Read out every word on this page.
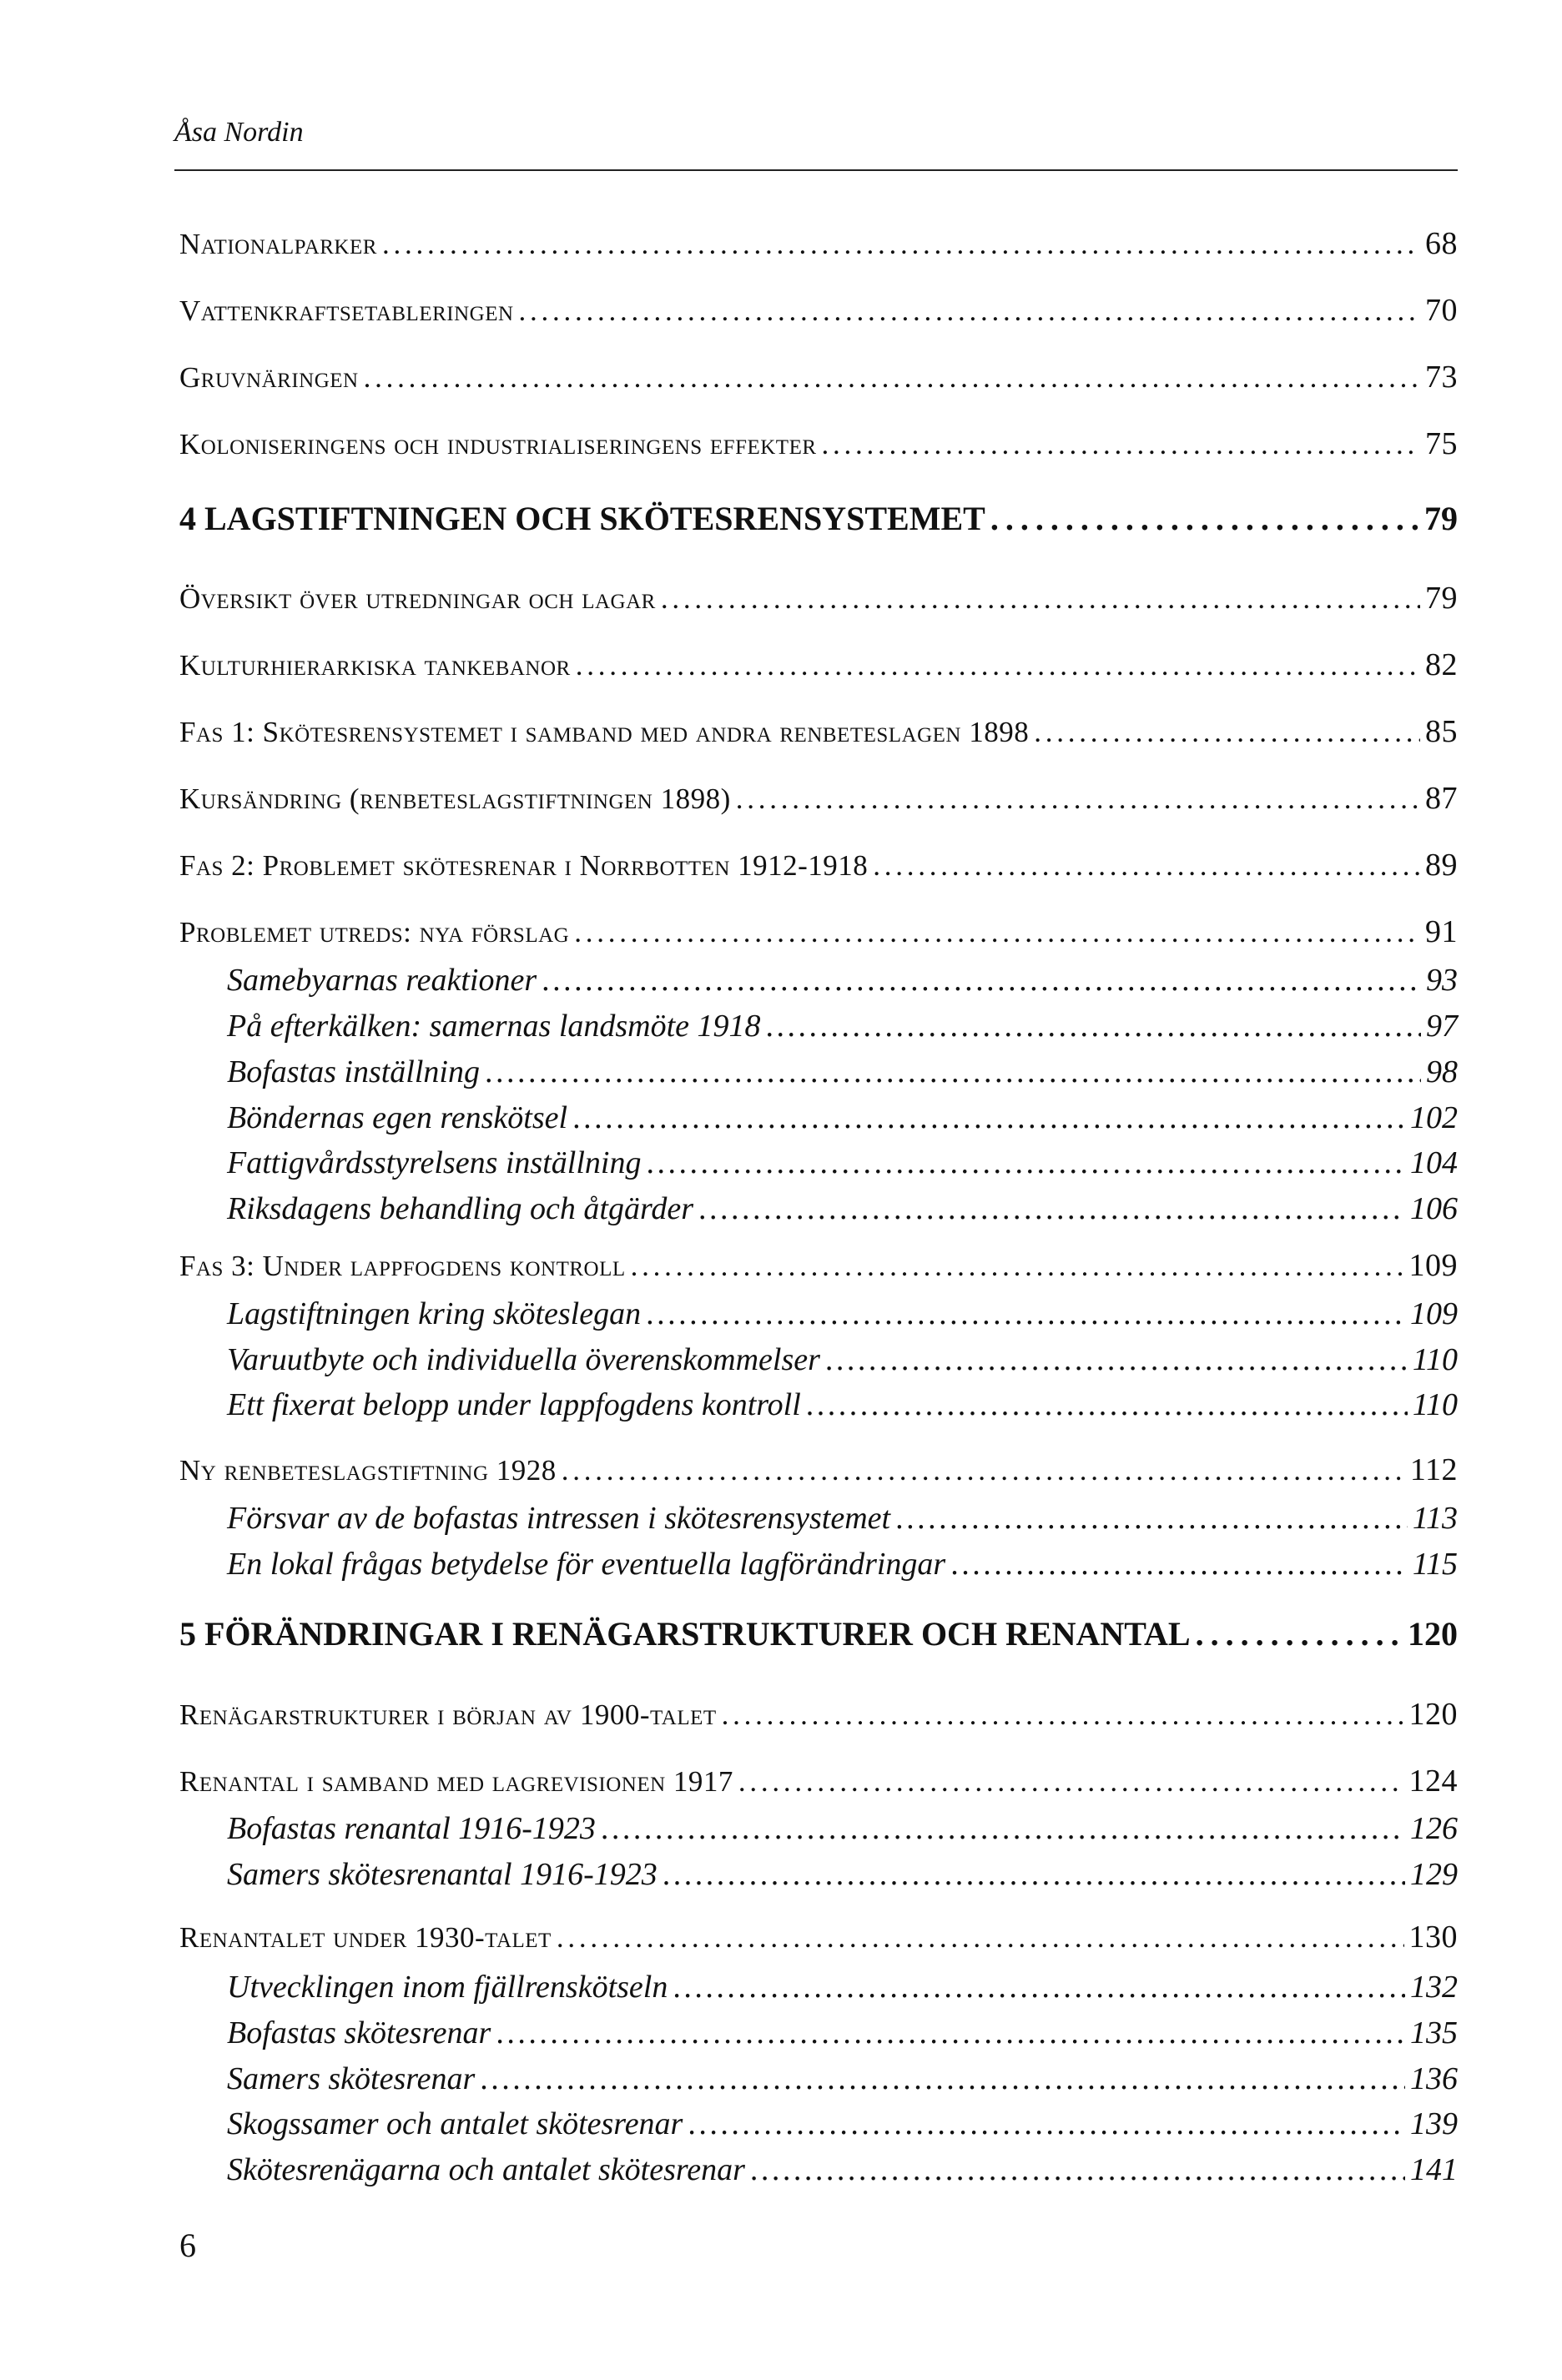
Åsa Nordin
Nationalparker . . .	68
Vattenkraftsetableringen . . .	70
Gruvnäringen . . .	73
Koloniseringens och industrialiseringens effekter . . .	75
4 LAGSTIFTNINGEN OCH SKÖTESRENSYSTEMET . . .	79
Översikt över utredningar och lagar . . .	79
Kulturhierarkiska tankebanor . . .	82
Fas 1: Skötesrensystemet i samband med andra renbeteslagen 1898 . . .	85
Kursändring (renbeteslagstiftningen 1898) . . .	87
Fas 2: Problemet skötesrenar i Norrbotten 1912-1918 . . .	89
Problemet utreds: nya förslag . . .	91
Samebyarnas reaktioner . . .	93
På efterkälken: samernas landsmöte 1918 . . .	97
Bofastas inställning . . .	98
Böndernas egen renskötsel . . .	102
Fattigvårdsstyrelsens inställning . . .	104
Riksdagens behandling och åtgärder . . .	106
Fas 3: Under lappfogdens kontroll . . .	109
Lagstiftningen kring sköteslegan . . .	109
Varuutbyte och individuella överenskommelser . . .	110
Ett fixerat belopp under lappfogdens kontroll . . .	110
Ny renbeteslagstiftning 1928 . . .	112
Försvar av de bofastas intressen i skötesrensystemet . . .	113
En lokal frågas betydelse för eventuella lagförändringar . . .	115
5 FÖRÄNDRINGAR I RENÄGARSTRUKTURER OCH RENANTAL . . .	120
Renägarstrukturer i början av 1900-talet . . .	120
Renantal i samband med lagrevisionen 1917 . . .	124
Bofastas renantal 1916-1923 . . .	126
Samers skötesrenantal 1916-1923 . . .	129
Renantalet under 1930-talet . . .	130
Utvecklingen inom fjällrenskötseln . . .	132
Bofastas skötesrenar . . .	135
Samers skötesrenar . . .	136
Skogssamer och antalet skötesrenar . . .	139
Skötesrenägarna och antalet skötesrenar . . .	141
6
